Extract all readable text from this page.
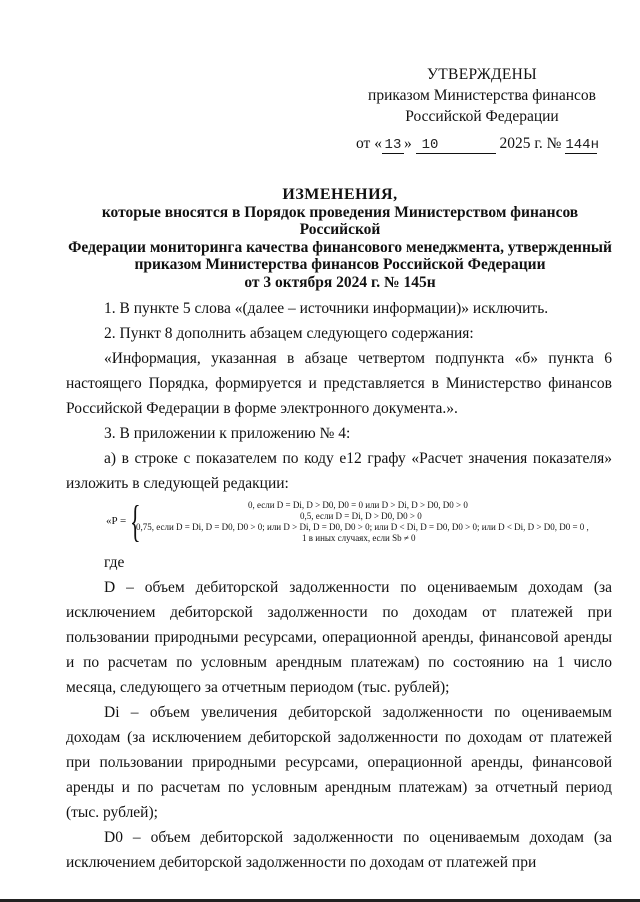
УТВЕРЖДЕНЫ
приказом Министерства финансов
Российской Федерации
от « 13 » 10	2025 г. № 144н
ИЗМЕНЕНИЯ,
которые вносятся в Порядок проведения Министерством финансов Российской
Федерации мониторинга качества финансового менеджмента, утвержденный
приказом Министерства финансов Российской Федерации
от 3 октября 2024 г. № 145н

1. В пункте 5 слова «(далее – источники информации)» исключить.

2. Пункт 8 дополнить абзацем следующего содержания:

«Информация, указанная в абзаце четвертом подпункта «б» пункта 6 настоящего Порядка, формируется и представляется в Министерство финансов Российской Федерации в форме электронного документа.».

3. В приложении к приложению № 4:

а) в строке с показателем по коду e12 графу «Расчет значения показателя» изложить в следующей редакции:

«P = {	0, если D = Di, D > D0, D0 = 0 или D > Di, D > D0, D0 > 0
0,5, если D = Di, D > D0, D0 > 0
0,75, если D = Di, D = D0, D0 > 0; или D > Di, D = D0, D0 > 0; или D < Di, D = D0, D0 > 0; или D < Di, D > D0, D0 = 0 ,
1 в иных случаях, если Sb ≠ 0

где

D – объем дебиторской задолженности по оцениваемым доходам (за исключением дебиторской задолженности по доходам от платежей при пользовании природными ресурсами, операционной аренды, финансовой аренды и по расчетам по условным арендным платежам) по состоянию на 1 число месяца, следующего за отчетным периодом (тыс. рублей);

Di – объем увеличения дебиторской задолженности по оцениваемым доходам (за исключением дебиторской задолженности по доходам от платежей при пользовании природными ресурсами, операционной аренды, финансовой аренды и по расчетам по условным арендным платежам) за отчетный период (тыс. рублей);

D0 – объем дебиторской задолженности по оцениваемым доходам (за исключением дебиторской задолженности по доходам от платежей при
